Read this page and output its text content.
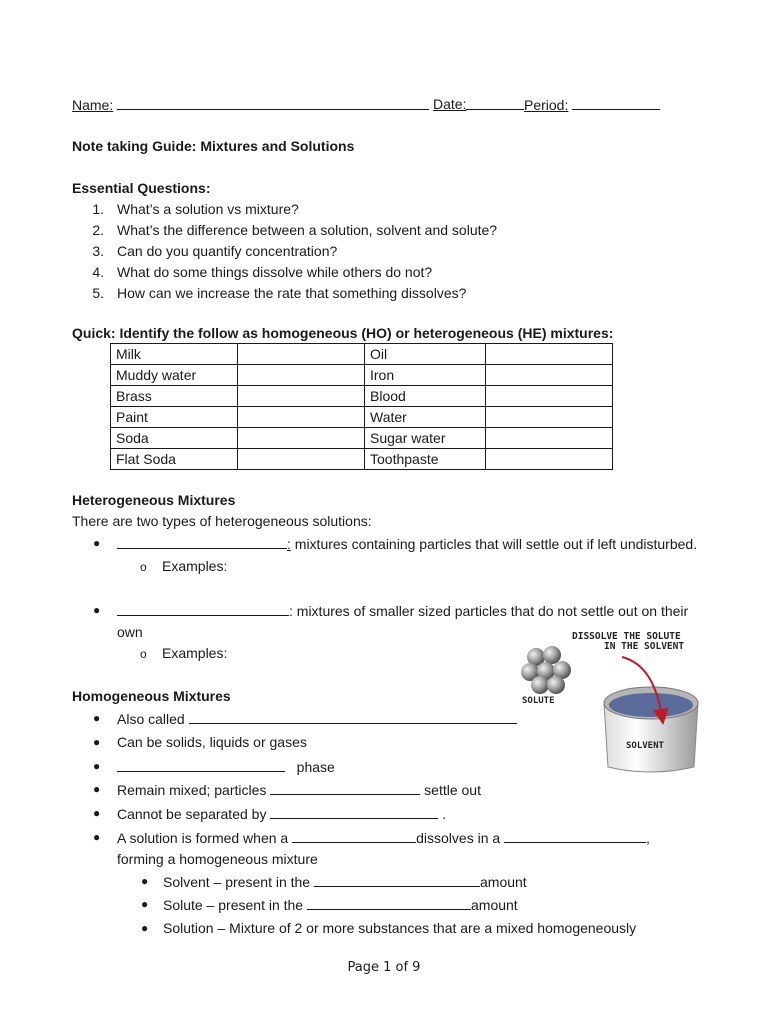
Name:	Date:	Period:
Note taking Guide: Mixtures and Solutions
Essential Questions:
1. What’s a solution vs mixture?
2. What’s the difference between a solution, solvent and solute?
3. Can do you quantify concentration?
4. What do some things dissolve while others do not?
5. How can we increase the rate that something dissolves?
Quick: Identify the follow as homogeneous (HO) or heterogeneous (HE) mixtures:
Milk		Oil	
Muddy water		Iron	
Brass		Blood	
Paint		Water	
Soda		Sugar water	
Flat Soda		Toothpaste	
Heterogeneous Mixtures
There are two types of heterogeneous solutions:
●	: mixtures containing particles that will settle out if left undisturbed.
o Examples:
●	: mixtures of smaller sized particles that do not settle out on their
own
o Examples:
DISSOLVE THE SOLUTE
IN THE SOLVENT
SOLUTE
SOLVENT
Homogeneous Mixtures
● Also called
● Can be solids, liquids or gases
●	phase
● Remain mixed; particles	settle out
● Cannot be separated by	.
● A solution is formed when a	dissolves in a	,
forming a homogeneous mixture
● Solvent – present in the	amount
● Solute – present in the	amount
● Solution – Mixture of 2 or more substances that are a mixed homogeneously
Page 1 of 9
